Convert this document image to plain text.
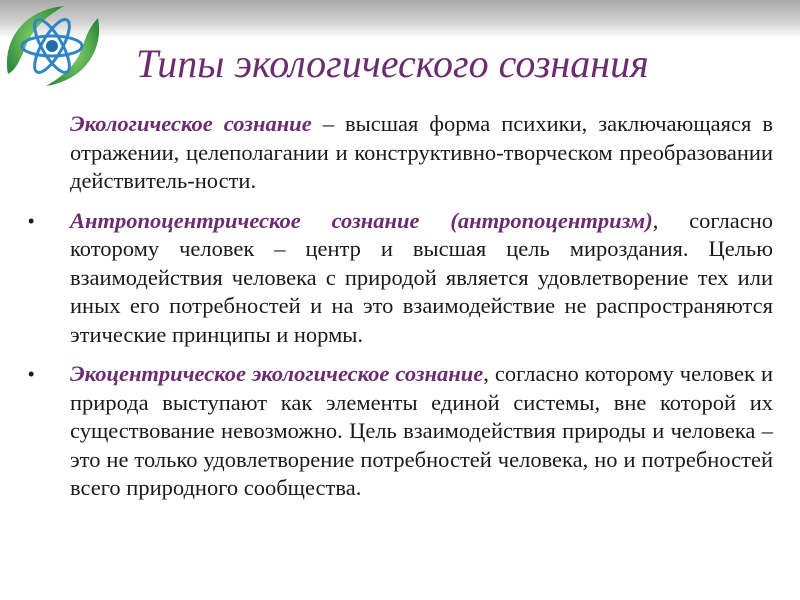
Типы экологического сознания

Экологическое сознание – высшая форма психики, заключающаяся в отражении, целеполагании и конструктивно-творческом преобразовании действитель-ности.

• Антропоцентрическое сознание (антропоцентризм), согласно которому человек – центр и высшая цель мироздания. Целью взаимодействия человека с природой является удовлетворение тех или иных его потребностей и на это взаимодействие не распространяются этические принципы и нормы.

• Экоцентрическое экологическое сознание, согласно которому человек и природа выступают как элементы единой системы, вне которой их существование невозможно. Цель взаимодействия природы и человека – это не только удовлетворение потребностей человека, но и потребностей всего природного сообщества.
